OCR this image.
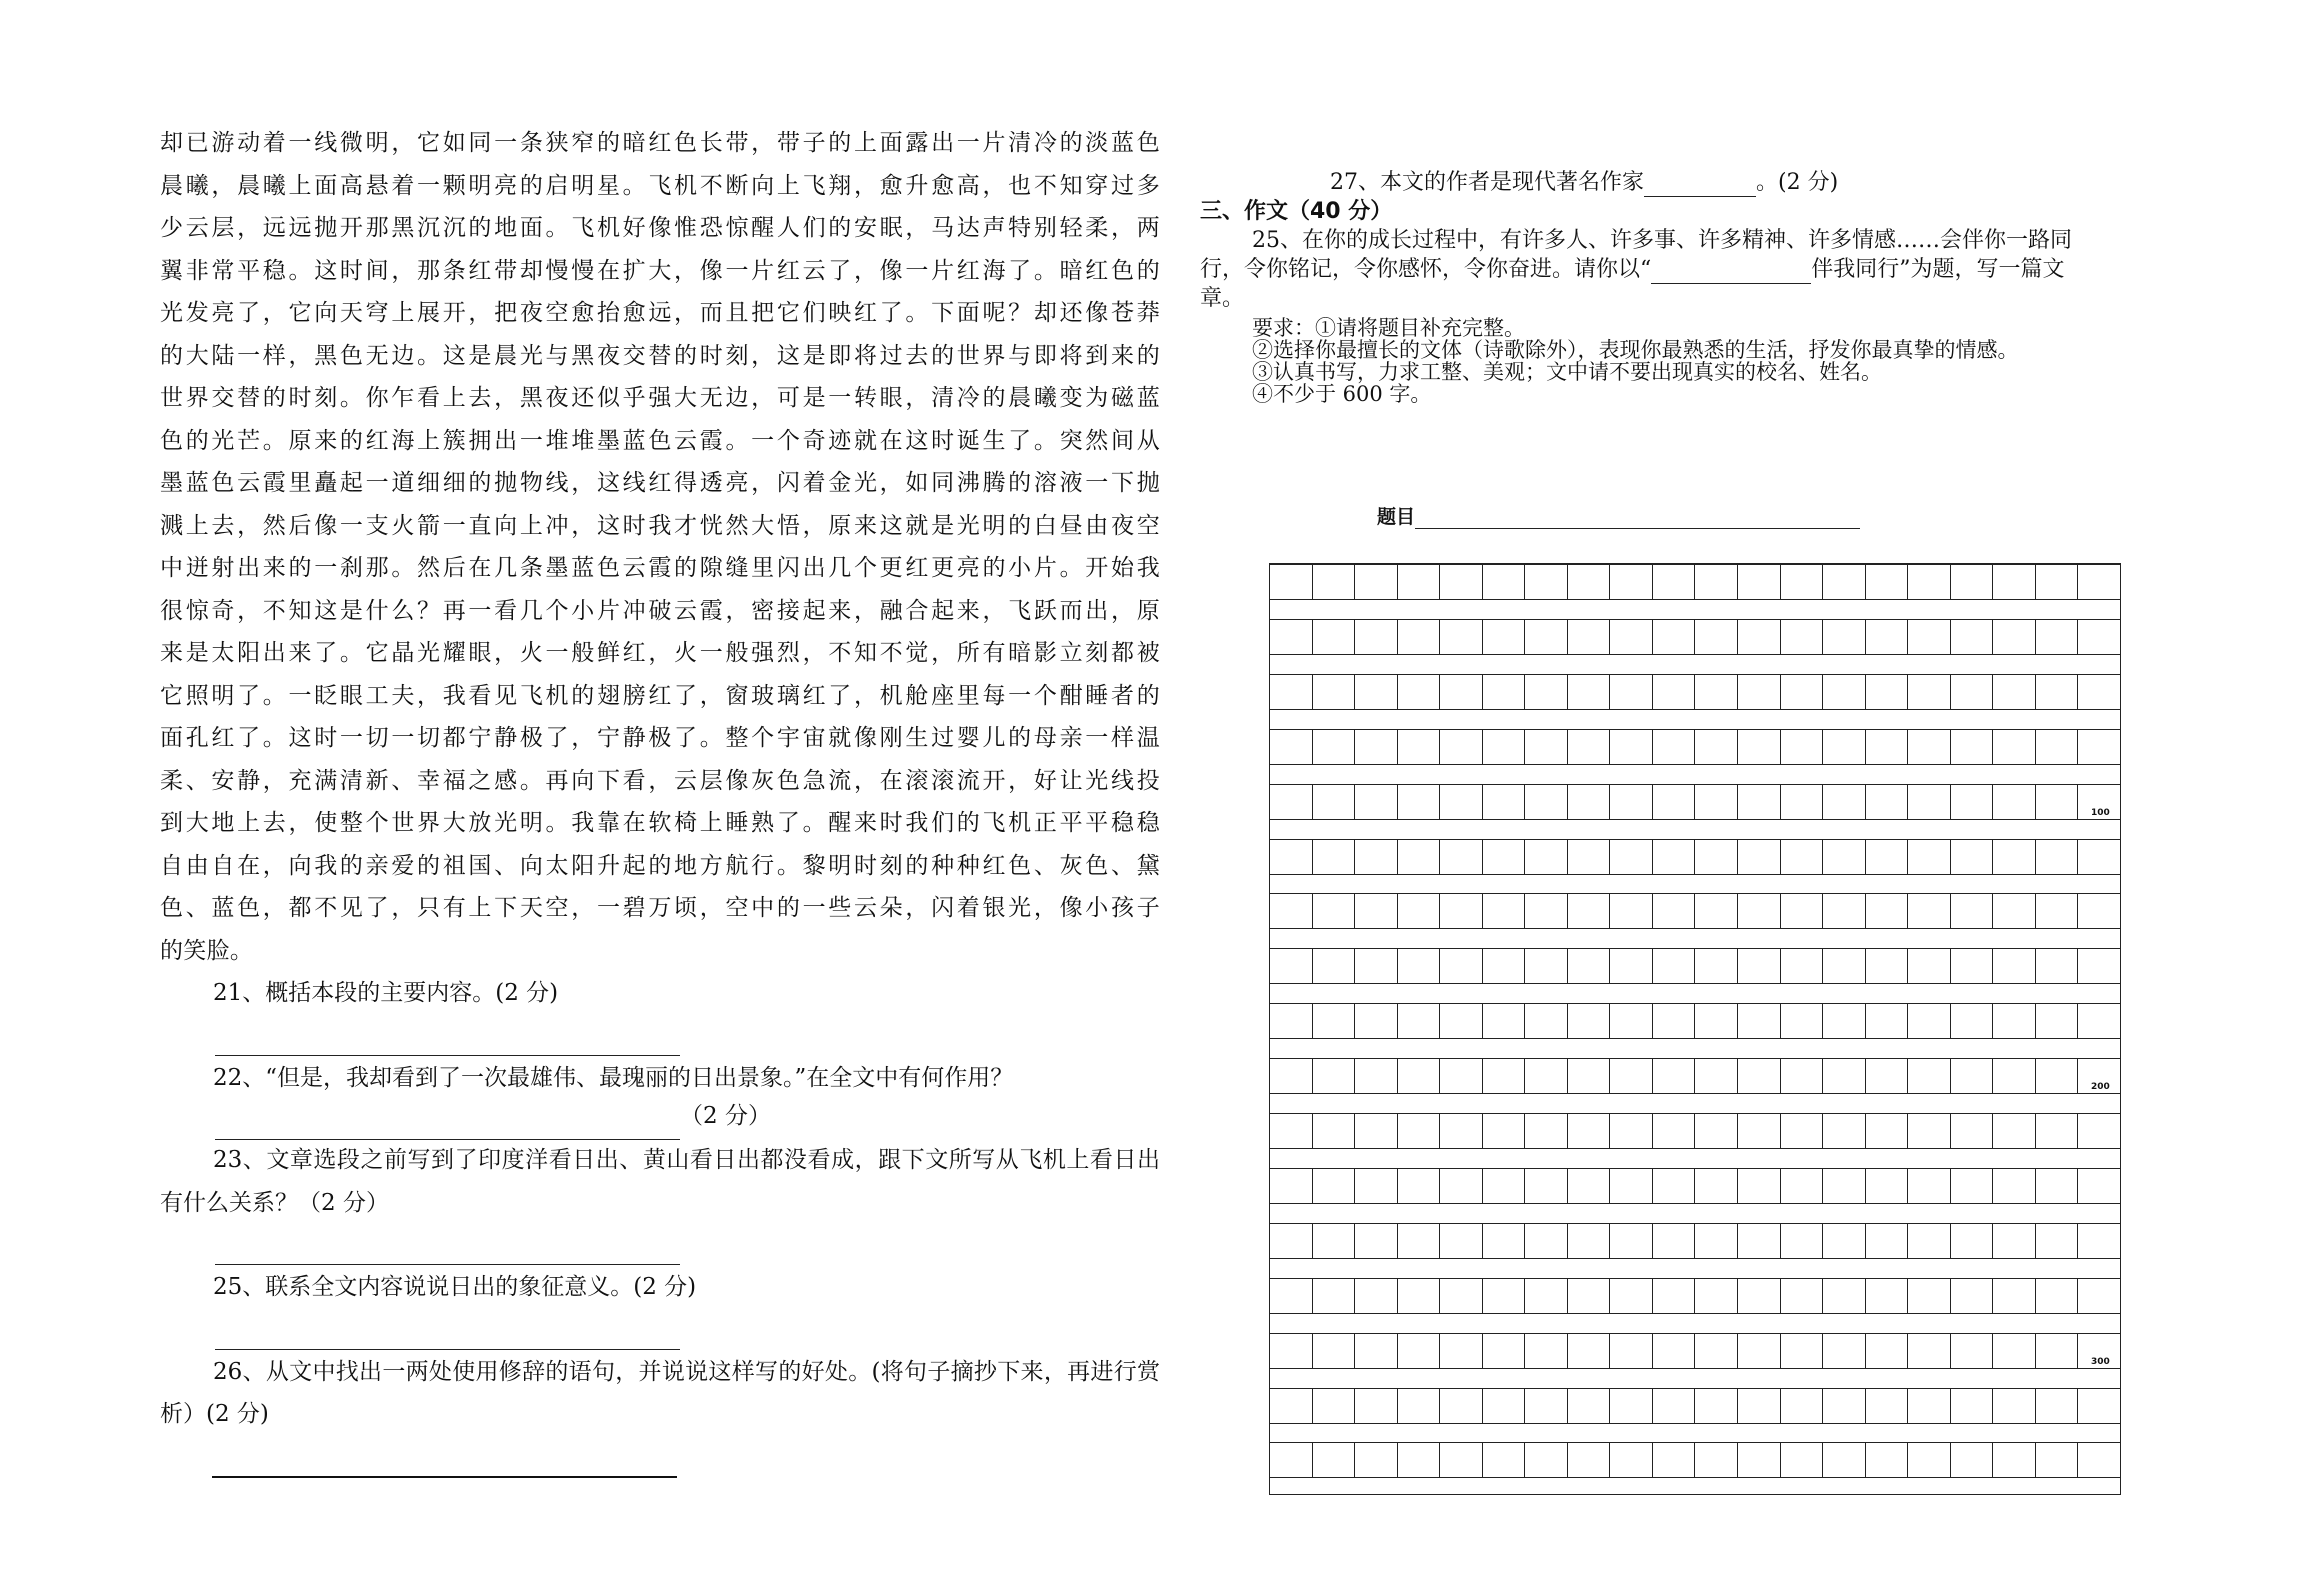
却已游动着一线微明，它如同一条狭窄的暗红色长带，带子的上面露出一片清冷的淡蓝色

晨曦，晨曦上面高悬着一颗明亮的启明星。飞机不断向上飞翔，愈升愈高，也不知穿过多

少云层，远远抛开那黑沉沉的地面。飞机好像惟恐惊醒人们的安眠，马达声特别轻柔，两

翼非常平稳。这时间，那条红带却慢慢在扩大，像一片红云了，像一片红海了。暗红色的

光发亮了，它向天穹上展开，把夜空愈抬愈远，而且把它们映红了。下面呢？却还像苍莽

的大陆一样，黑色无边。这是晨光与黑夜交替的时刻，这是即将过去的世界与即将到来的

世界交替的时刻。你乍看上去，黑夜还似乎强大无边，可是一转眼，清冷的晨曦变为磁蓝

色的光芒。原来的红海上簇拥出一堆堆墨蓝色云霞。一个奇迹就在这时诞生了。突然间从

墨蓝色云霞里矗起一道细细的抛物线，这线红得透亮，闪着金光，如同沸腾的溶液一下抛

溅上去，然后像一支火箭一直向上冲，这时我才恍然大悟，原来这就是光明的白昼由夜空

中迸射出来的一刹那。然后在几条墨蓝色云霞的隙缝里闪出几个更红更亮的小片。开始我

很惊奇，不知这是什么？再一看几个小片冲破云霞，密接起来，融合起来，飞跃而出，原

来是太阳出来了。它晶光耀眼，火一般鲜红，火一般强烈，不知不觉，所有暗影立刻都被

它照明了。一眨眼工夫，我看见飞机的翅膀红了，窗玻璃红了，机舱座里每一个酣睡者的

面孔红了。这时一切一切都宁静极了，宁静极了。整个宇宙就像刚生过婴儿的母亲一样温

柔、安静，充满清新、幸福之感。再向下看，云层像灰色急流，在滚滚流开，好让光线投

到大地上去，使整个世界大放光明。我靠在软椅上睡熟了。醒来时我们的飞机正平平稳稳

自由自在，向我的亲爱的祖国、向太阳升起的地方航行。黎明时刻的种种红色、灰色、黛

色、蓝色，都不见了，只有上下天空，一碧万顷，空中的一些云朵，闪着银光，像小孩子

的笑脸。

21、概括本段的主要内容。(2 分)

22、“但是，我却看到了一次最雄伟、最瑰丽的日出景象。”在全文中有何作用？

（2 分）

23、文章选段之前写到了印度洋看日出、黄山看日出都没看成，跟下文所写从飞机上看日出有什么关系？（2 分）

25、联系全文内容说说日出的象征意义。(2 分)

26、从文中找出一两处使用修辞的语句，并说说这样写的好处。(将句子摘抄下来，再进行赏析）(2 分)

27、本文的作者是现代著名作家	。(2 分)

三、作文（40 分）

25、在你的成长过程中，有许多人、许多事、许多精神、许多情感……会伴你一路同

行，令你铭记，令你感怀，令你奋进。请你以“	伴我同行”为题，写一篇文

章。

要求：①请将题目补充完整。

②选择你最擅长的文体（诗歌除外），表现你最熟悉的生活，抒发你最真挚的情感。

③认真书写，力求工整、美观；文中请不要出现真实的校名、姓名。

④不少于 600 字。

题目
100
200
300
